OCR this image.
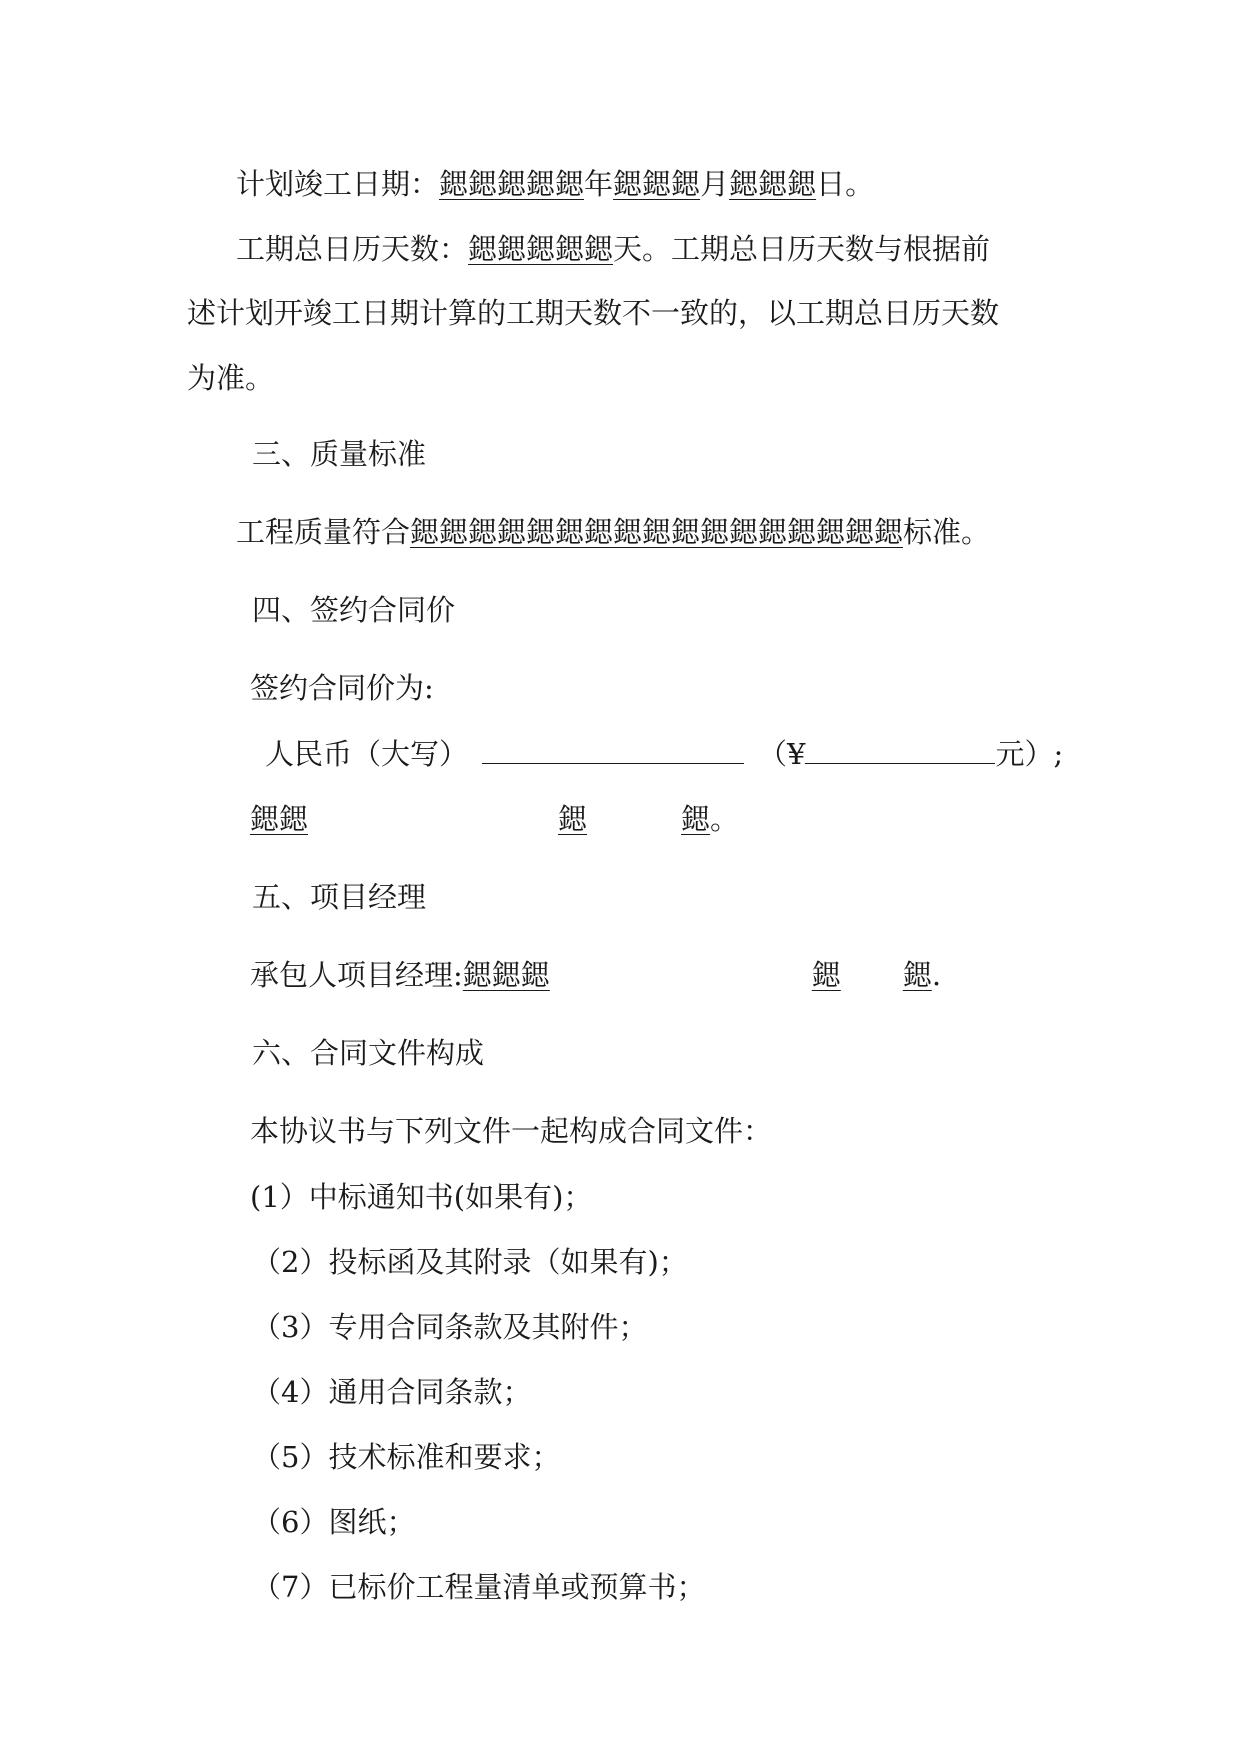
计划竣工日期：鍶鍶鍶鍶鍶年鍶鍶鍶月鍶鍶鍶日。
工期总日历天数：鍶鍶鍶鍶鍶天。工期总日历天数与根据前
述计划开竣工日期计算的工期天数不一致的，以工期总日历天数
为准。
三、质量标准
工程质量符合鍶鍶鍶鍶鍶鍶鍶鍶鍶鍶鍶鍶鍶鍶鍶鍶鍶标准。
四、签约合同价
签约合同价为:
人民币（大写）	（¥	元）;
鍶鍶	鍶	鍶。
五、项目经理
承包人项目经理:鍶鍶鍶	鍶 鍶.
六、合同文件构成
本协议书与下列文件一起构成合同文件：
(1）中标通知书(如果有)；
（2）投标函及其附录（如果有)；
（3）专用合同条款及其附件；
（4）通用合同条款；
（5）技术标准和要求；
（6）图纸；
（7）已标价工程量清单或预算书；
